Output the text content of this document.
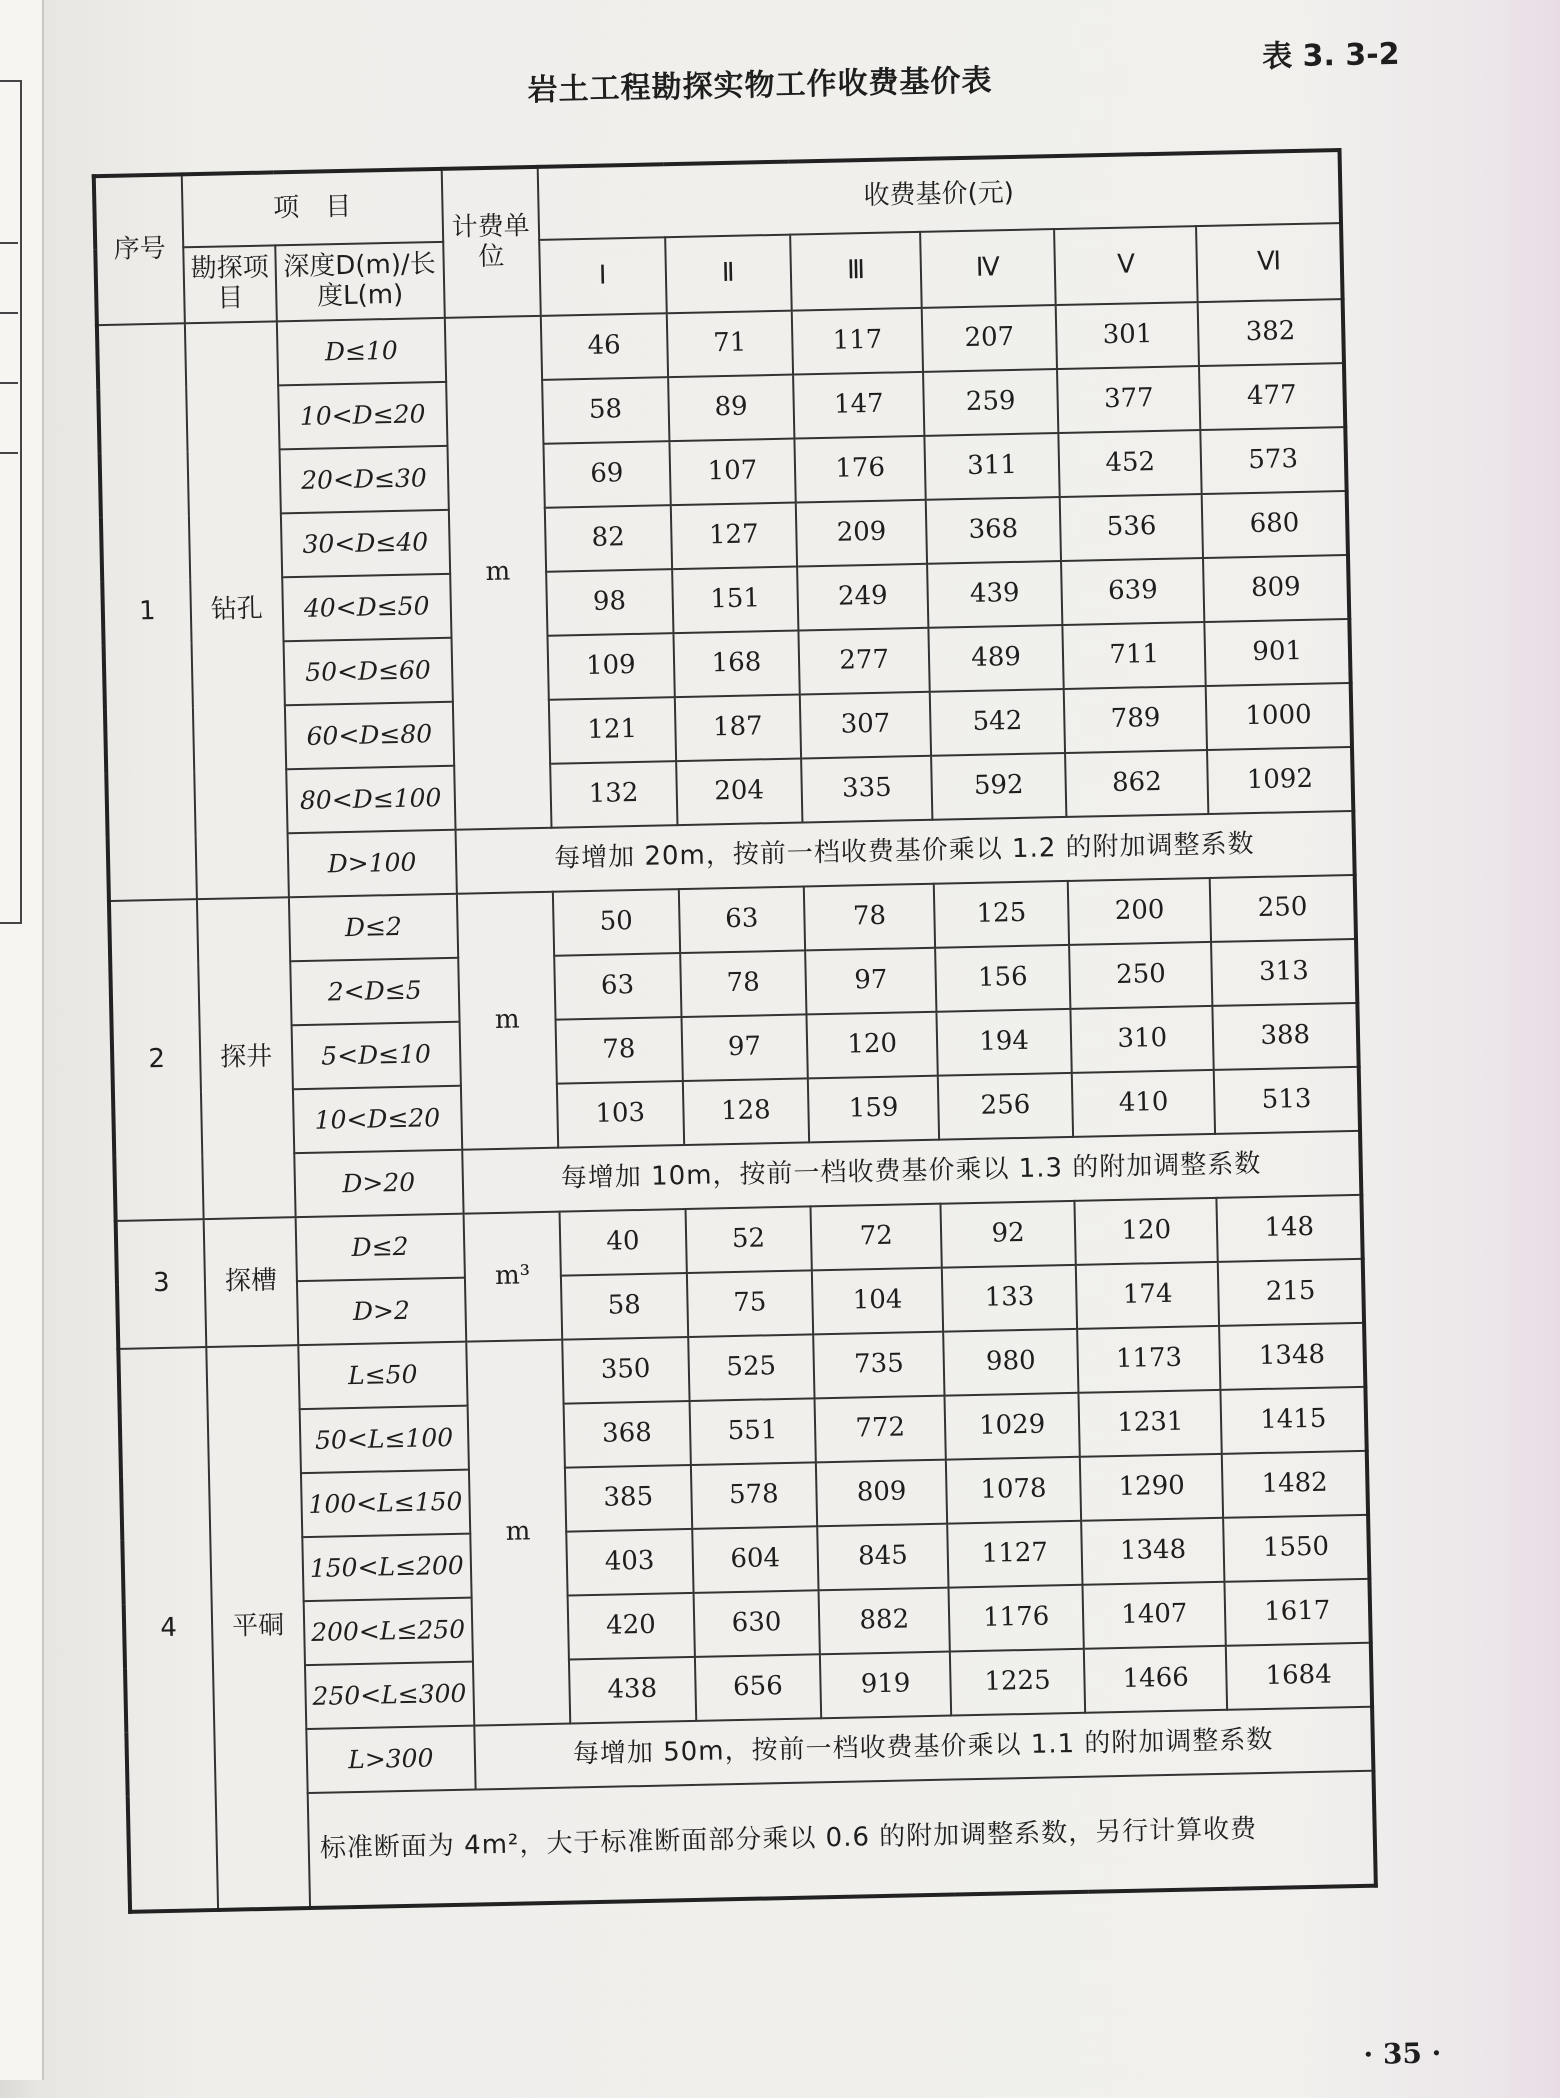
表 3. 3-2
岩土工程勘探实物工作收费基价表
序号	项　目		计费单位	收费基价(元)					
	勘探项目	深度D(m)/长度L(m)		Ⅰ	Ⅱ	Ⅲ	Ⅳ	Ⅴ	Ⅵ
1	钻孔	D≤10	m	46	71	117	207	301	382
		10<D≤20		58	89	147	259	377	477
		20<D≤30		69	107	176	311	452	573
		30<D≤40		82	127	209	368	536	680
		40<D≤50		98	151	249	439	639	809
		50<D≤60		109	168	277	489	711	901
		60<D≤80		121	187	307	542	789	1000
		80<D≤100		132	204	335	592	862	1092
		D>100	每增加 20m，按前一档收费基价乘以 1.2 的附加调整系数						
2	探井	D≤2	m	50	63	78	125	200	250
		2<D≤5		63	78	97	156	250	313
		5<D≤10		78	97	120	194	310	388
		10<D≤20		103	128	159	256	410	513
		D>20	每增加 10m，按前一档收费基价乘以 1.3 的附加调整系数						
3	探槽	D≤2	m³	40	52	72	92	120	148
		D>2		58	75	104	133	174	215
4	平硐	L≤50	m	350	525	735	980	1173	1348
		50<L≤100		368	551	772	1029	1231	1415
		100<L≤150		385	578	809	1078	1290	1482
		150<L≤200		403	604	845	1127	1348	1550
		200<L≤250		420	630	882	1176	1407	1617
		250<L≤300		438	656	919	1225	1466	1684
		L>300	每增加 50m，按前一档收费基价乘以 1.1 的附加调整系数						
		标准断面为 4m²，大于标准断面部分乘以 0.6 的附加调整系数，另行计算收费							
· 35 ·
